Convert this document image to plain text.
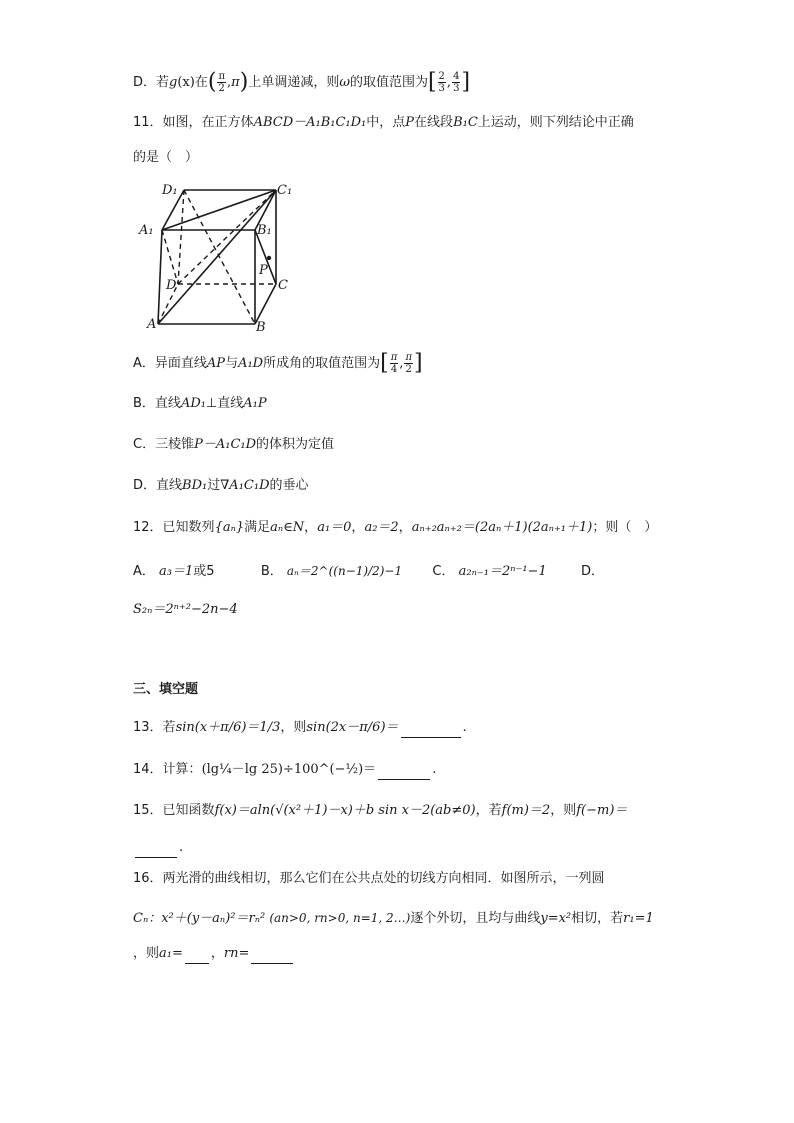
D．若g(x)在( $\frac{\pi}{2} ,\pi$)上单调递减，则ω的取值范围为[ $\frac{2}{3}$ , $\frac{4}{3}$ ]
11．如图，在正方体ABCD－A₁B₁C₁D₁中，点P在线段B₁C上运动，则下列结论中正确
的是（　）
D₁	C₁
A₁	B₁
P
D	C
A	B
A．异面直线AP与A₁D所成角的取值范围为[ $\frac{\pi}{4}$ , $\frac{\pi}{2}$ ]
B．直线AD₁⊥直线A₁P
C．三棱锥P－A₁C₁D的体积为定值
D．直线BD₁过∇A₁C₁D的垂心
12．已知数列{aₙ}满足aₙ∈N，a₁＝0，a₂＝2，aₙ₊₂aₙ₊₂＝(2aₙ＋1)(2aₙ₊₁＋1)；则（　）
A． a₃＝1或5	B． aₙ＝2^((n−1)/2)−1 C． a₂ₙ₋₁＝2ⁿ⁻¹−1	D．
S₂ₙ＝2ⁿ⁺²−2n−4
三、填空题
13．若sin(x＋π/6)＝1/3，则sin(2x－π/6)＝	.
14．计算：(lg¼－lg 25)÷100^(−½)＝	.
15．已知函数f(x)＝aln(√(x²＋1)－x)＋b sin x－2(ab≠0)，若f(m)＝2，则f(−m)＝
.
16．两光滑的曲线相切，那么它们在公共点处的切线方向相同．如图所示，一列圆
Cₙ：x²＋(y－aₙ)²＝rₙ² (an>0, rn>0, n=1, 2…)逐个外切，且均与曲线y=x²相切，若r₁=1
，则a₁= ，rn=
